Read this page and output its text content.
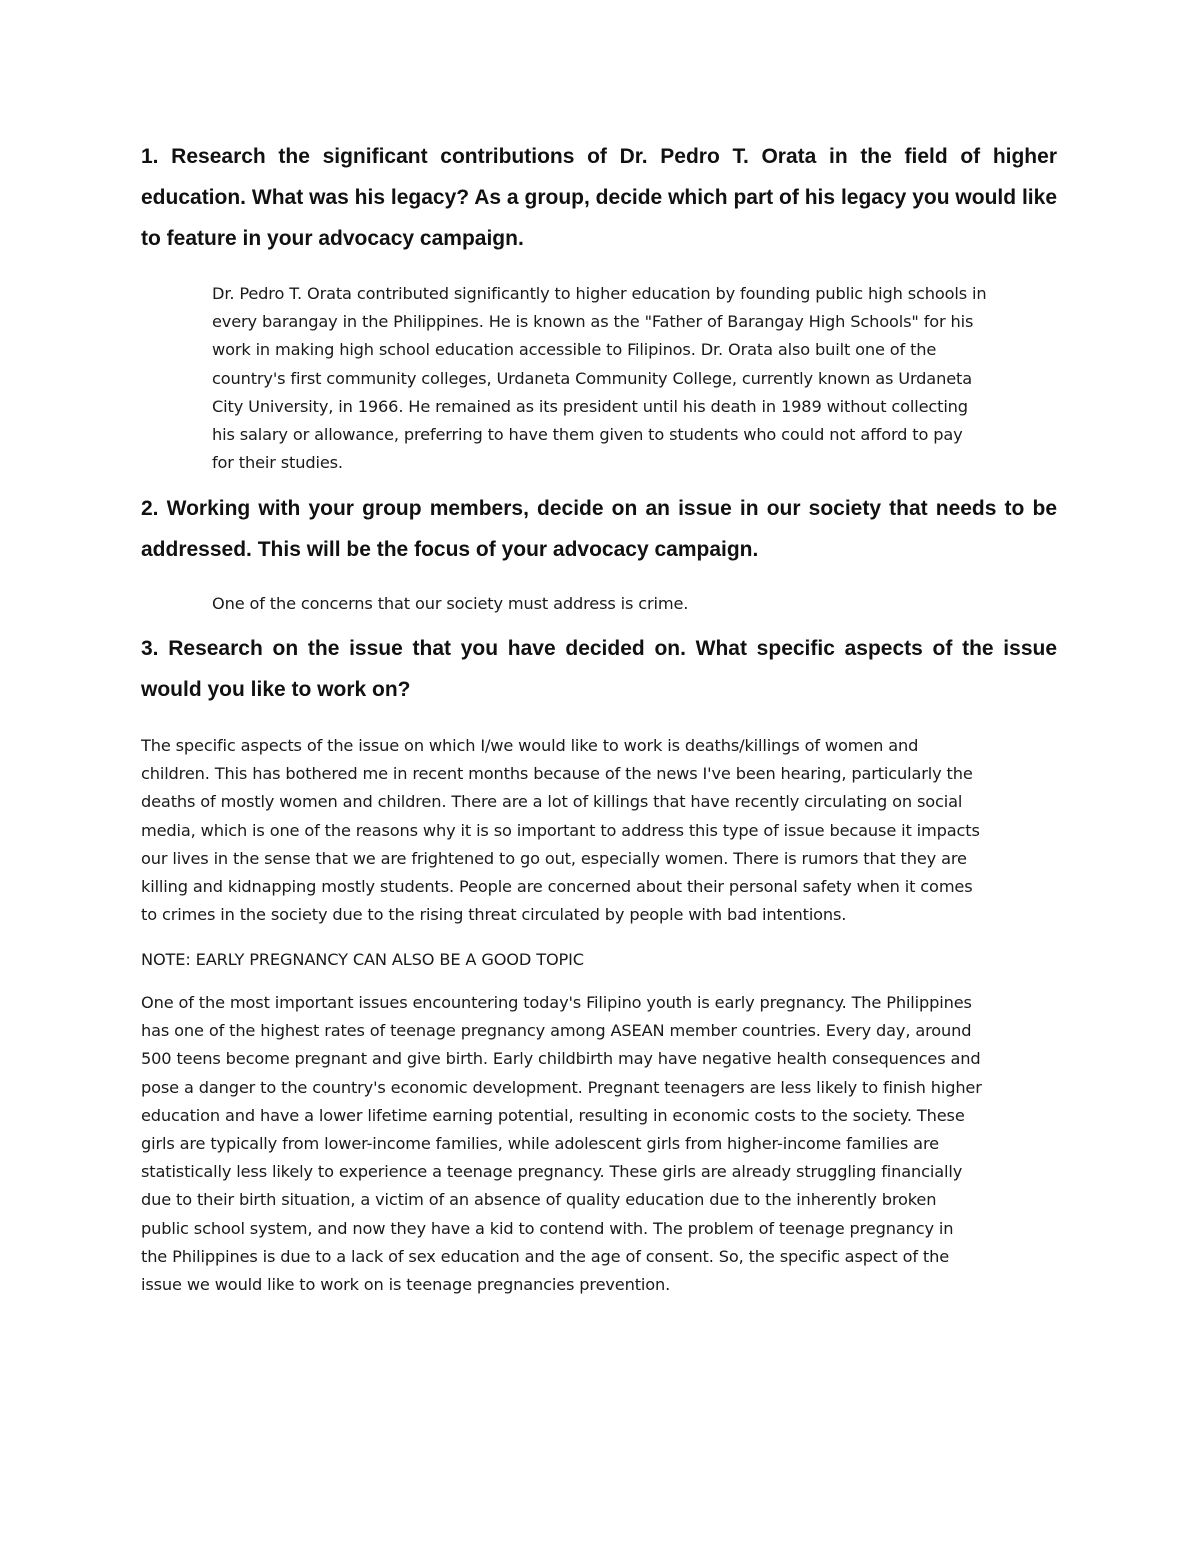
1. Research the significant contributions of Dr. Pedro T. Orata in the field of higher education. What was his legacy? As a group, decide which part of his legacy you would like to feature in your advocacy campaign.

Dr. Pedro T. Orata contributed significantly to higher education by founding public high schools in
every barangay in the Philippines. He is known as the "Father of Barangay High Schools" for his
work in making high school education accessible to Filipinos. Dr. Orata also built one of the
country's first community colleges, Urdaneta Community College, currently known as Urdaneta
City University, in 1966. He remained as its president until his death in 1989 without collecting
his salary or allowance, preferring to have them given to students who could not afford to pay
for their studies.

2. Working with your group members, decide on an issue in our society that needs to be addressed. This will be the focus of your advocacy campaign.

One of the concerns that our society must address is crime.

3. Research on the issue that you have decided on. What specific aspects of the issue would you like to work on?

The specific aspects of the issue on which I/we would like to work is deaths/killings of women and
children. This has bothered me in recent months because of the news I've been hearing, particularly the
deaths of mostly women and children. There are a lot of killings that have recently circulating on social
media, which is one of the reasons why it is so important to address this type of issue because it impacts
our lives in the sense that we are frightened to go out, especially women. There is rumors that they are
killing and kidnapping mostly students. People are concerned about their personal safety when it comes
to crimes in the society due to the rising threat circulated by people with bad intentions.
NOTE: EARLY PREGNANCY CAN ALSO BE A GOOD TOPIC
One of the most important issues encountering today's Filipino youth is early pregnancy. The Philippines
has one of the highest rates of teenage pregnancy among ASEAN member countries. Every day, around
500 teens become pregnant and give birth. Early childbirth may have negative health consequences and
pose a danger to the country's economic development. Pregnant teenagers are less likely to finish higher
education and have a lower lifetime earning potential, resulting in economic costs to the society. These
girls are typically from lower-income families, while adolescent girls from higher-income families are
statistically less likely to experience a teenage pregnancy. These girls are already struggling financially
due to their birth situation, a victim of an absence of quality education due to the inherently broken
public school system, and now they have a kid to contend with. The problem of teenage pregnancy in
the Philippines is due to a lack of sex education and the age of consent. So, the specific aspect of the
issue we would like to work on is teenage pregnancies prevention.
